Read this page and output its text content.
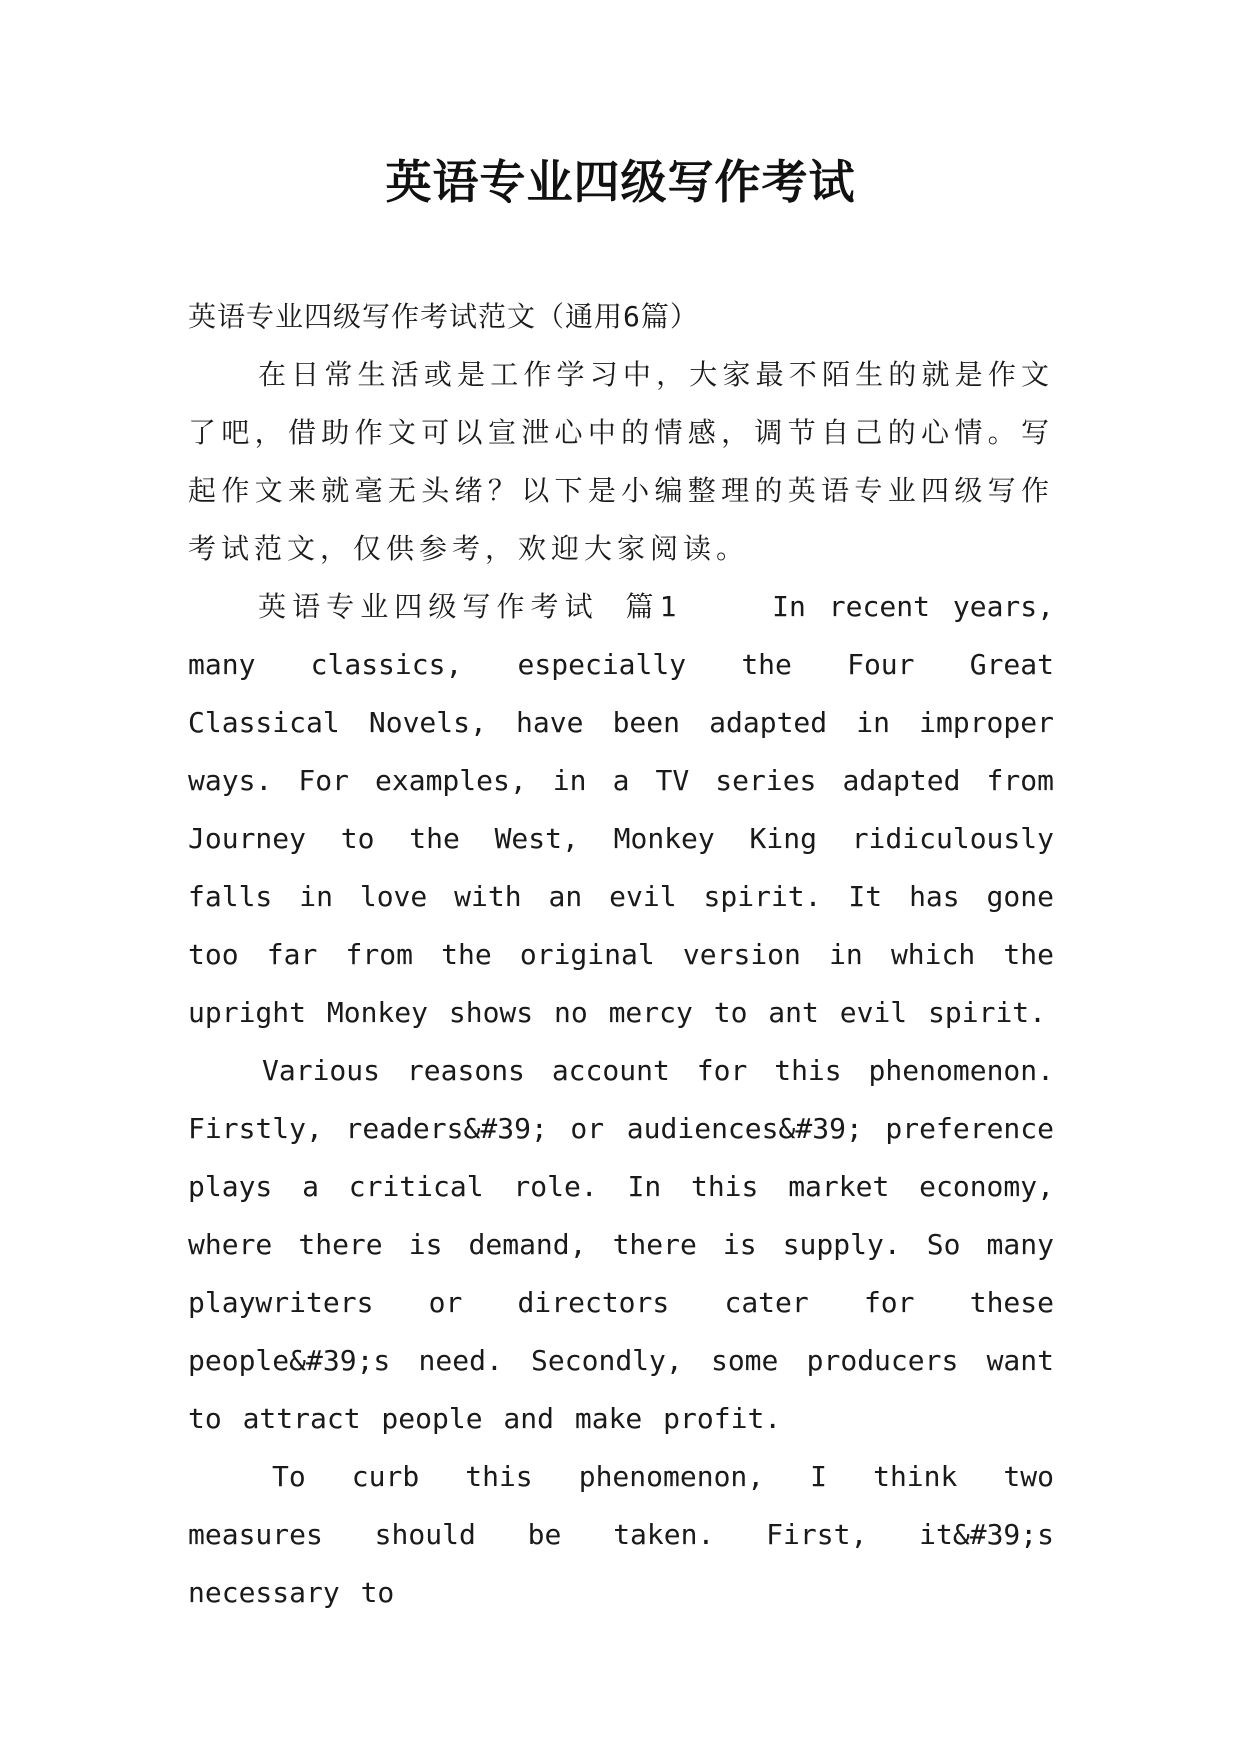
英语专业四级写作考试

英语专业四级写作考试范文（通用6篇）

在日常生活或是工作学习中，大家最不陌生的就是作文了吧，借助作文可以宣泄心中的情感，调节自己的心情。写起作文来就毫无头绪？以下是小编整理的英语专业四级写作考试范文，仅供参考，欢迎大家阅读。

英语专业四级写作考试 篇1	In recent years, many classics, especially the Four Great Classical Novels, have been adapted in improper ways. For examples, in a TV series adapted from Journey to the West, Monkey King ridiculously falls in love with an evil spirit. It has gone too far from the original version in which the upright Monkey shows no mercy to ant evil spirit.

Various reasons account for this phenomenon. Firstly, readers&#39; or audiences&#39; preference plays a critical role. In this market economy, where there is demand, there is supply. So many playwriters or directors cater for these people&#39;s need. Secondly, some producers want to attract people and make profit.

To curb this phenomenon, I think two measures should be taken. First, it&#39;s necessary to
